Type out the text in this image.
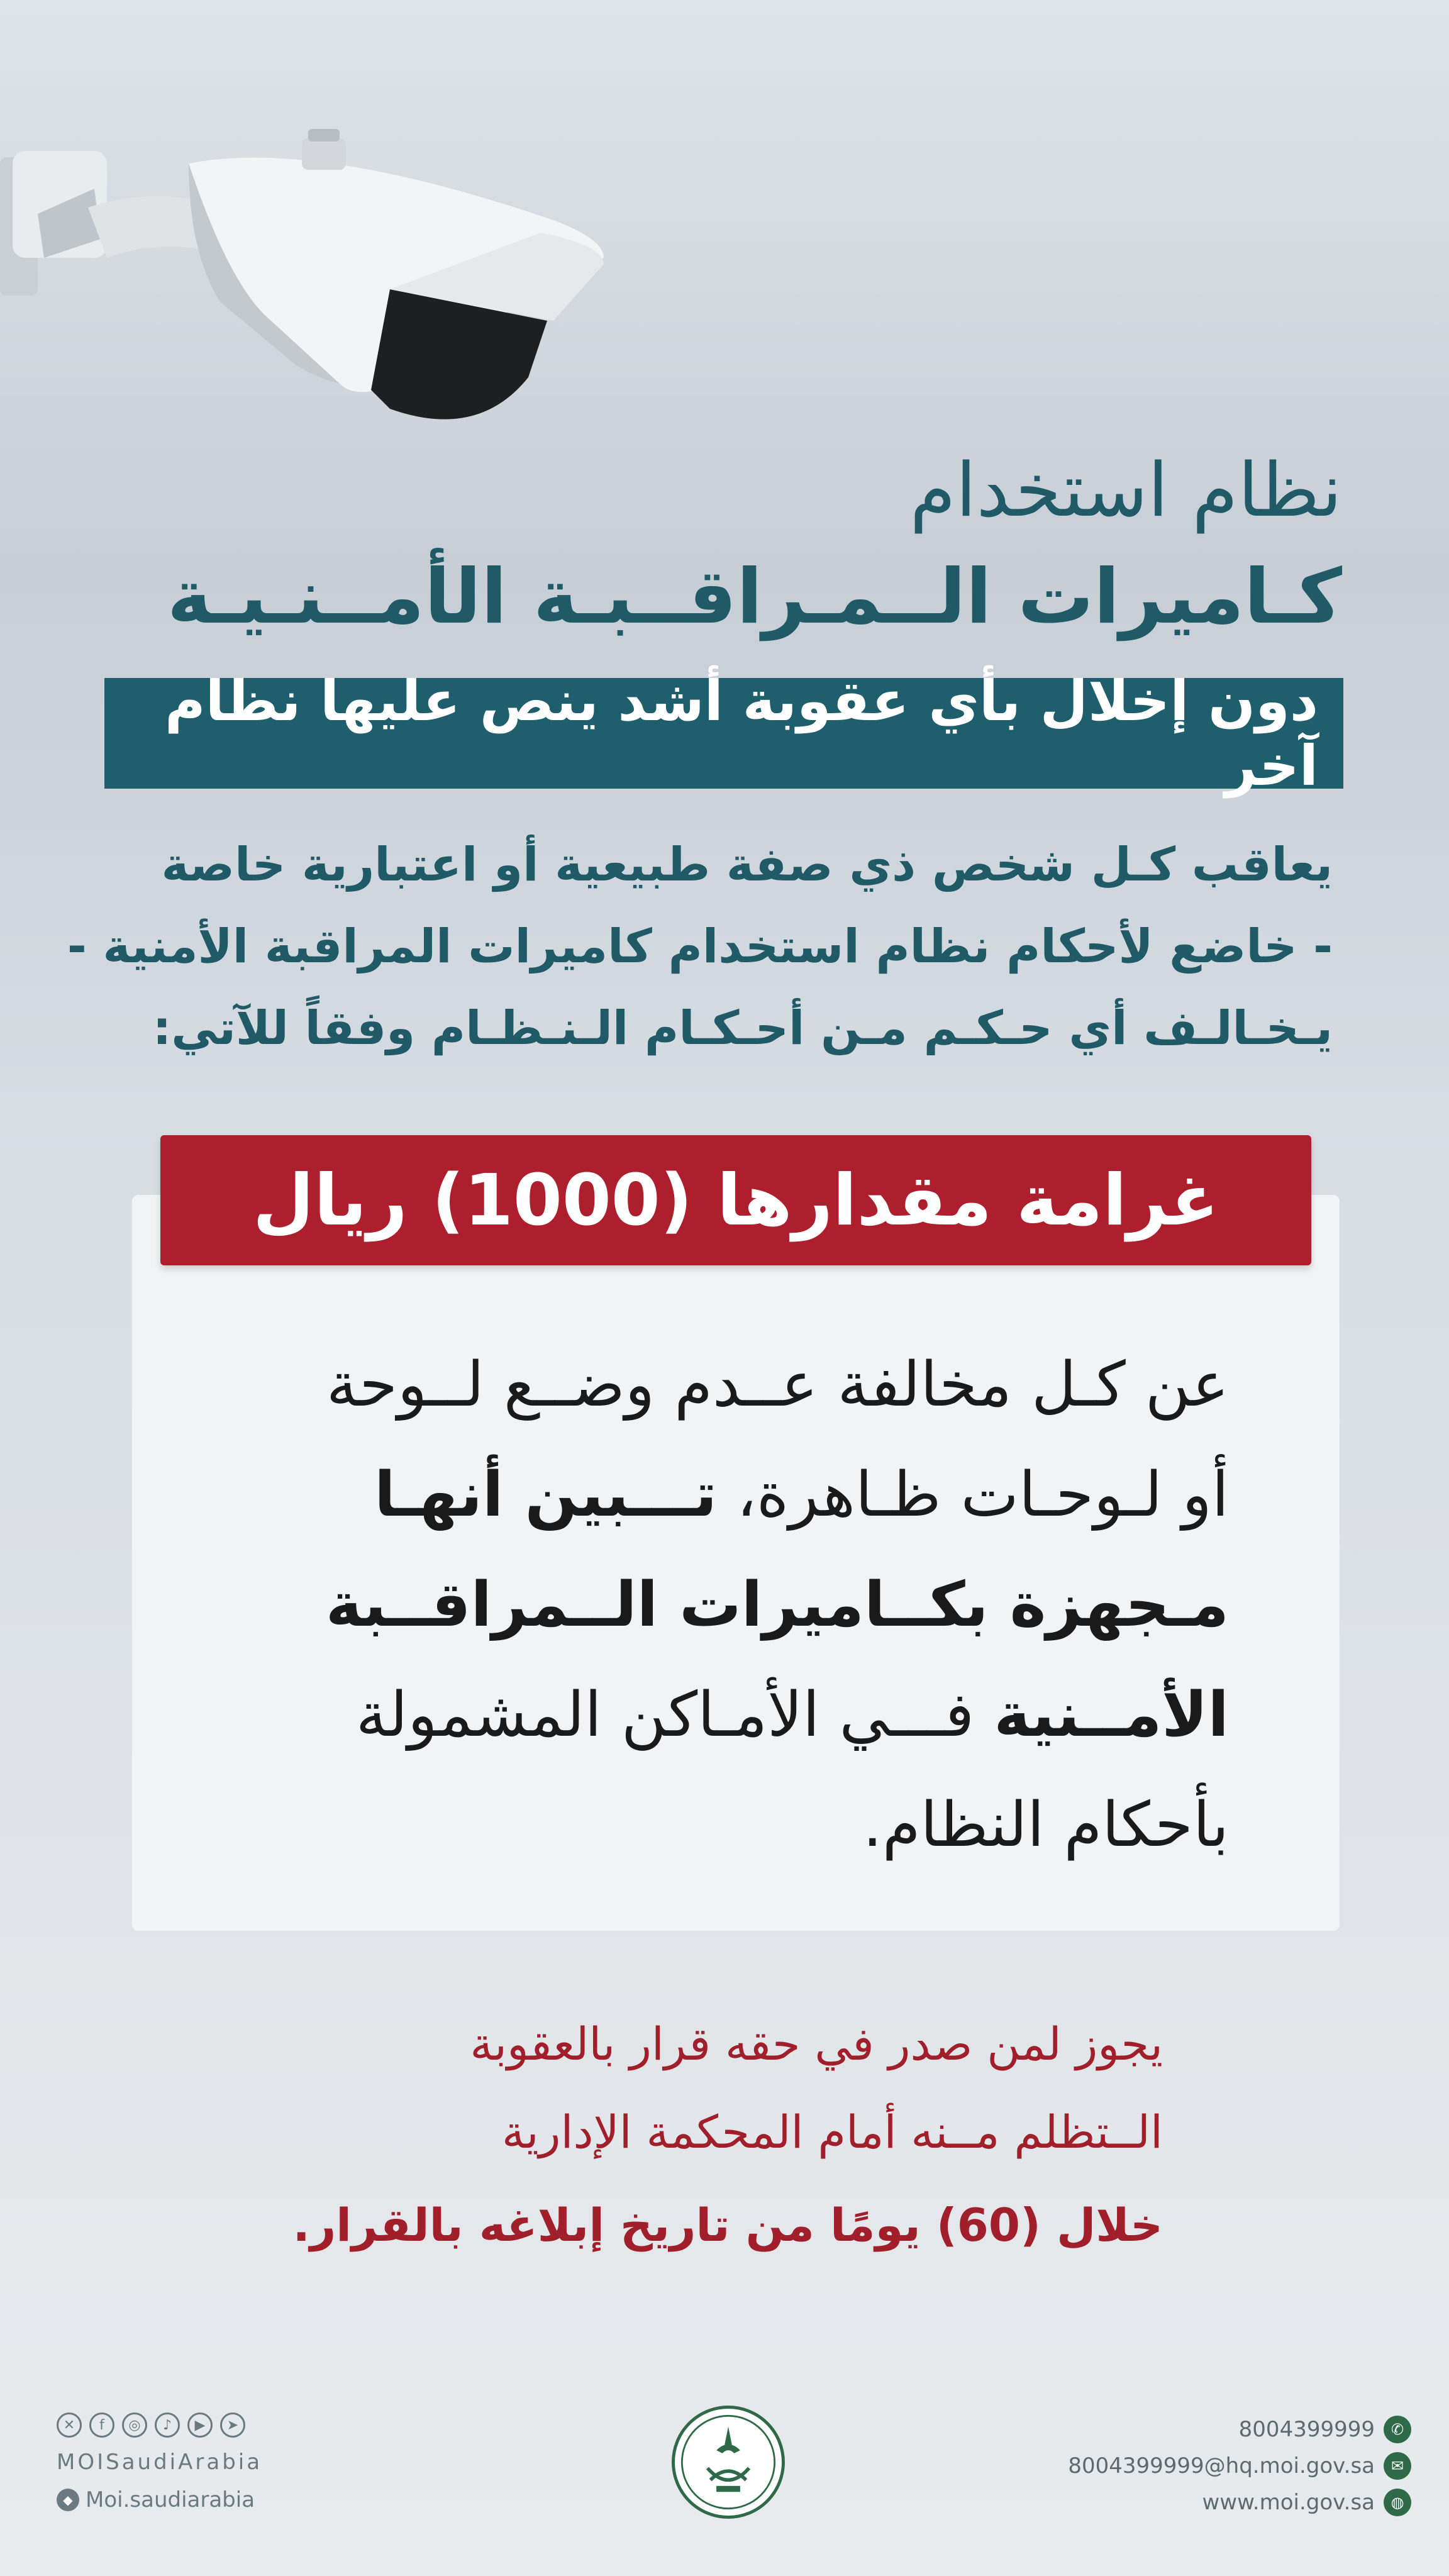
نظام استخدام
كـاميرات الــمـراقــبـة الأمــنـيـة
دون إخلال بأي عقوبة أشد ينص عليها نظام آخر
يعاقب كـل شخص ذي صفة طبيعية أو اعتبارية خاصة
- خاضع لأحكام نظام استخدام كاميرات المراقبة الأمنية -
يـخـالـف أي حـكـم مـن أحـكـام الـنـظـام وفقاً للآتي:
غرامة مقدارها (1000) ريال
عن كـل مخالفة عــدم وضــع لــوحة
أو لـوحـات ظـاهرة، تـــبين أنهـا
مـجهزة بكــاميرات الــمراقــبة
الأمــنية فـــي الأمـاكن المشمولة
بأحكام النظام.
يجوز لمن صدر في حقه قرار بالعقوبة
الــتظلم مــنه أمام المحكمة الإدارية
خلال (60) يومًا من تاريخ إبلاغه بالقرار.
✕	f	◎	♪	▶	➤
MOISaudiArabia
◆ Moi.saudiarabia
8004399999	✆
8004399999@hq.moi.gov.sa	✉
www.moi.gov.sa	◍
